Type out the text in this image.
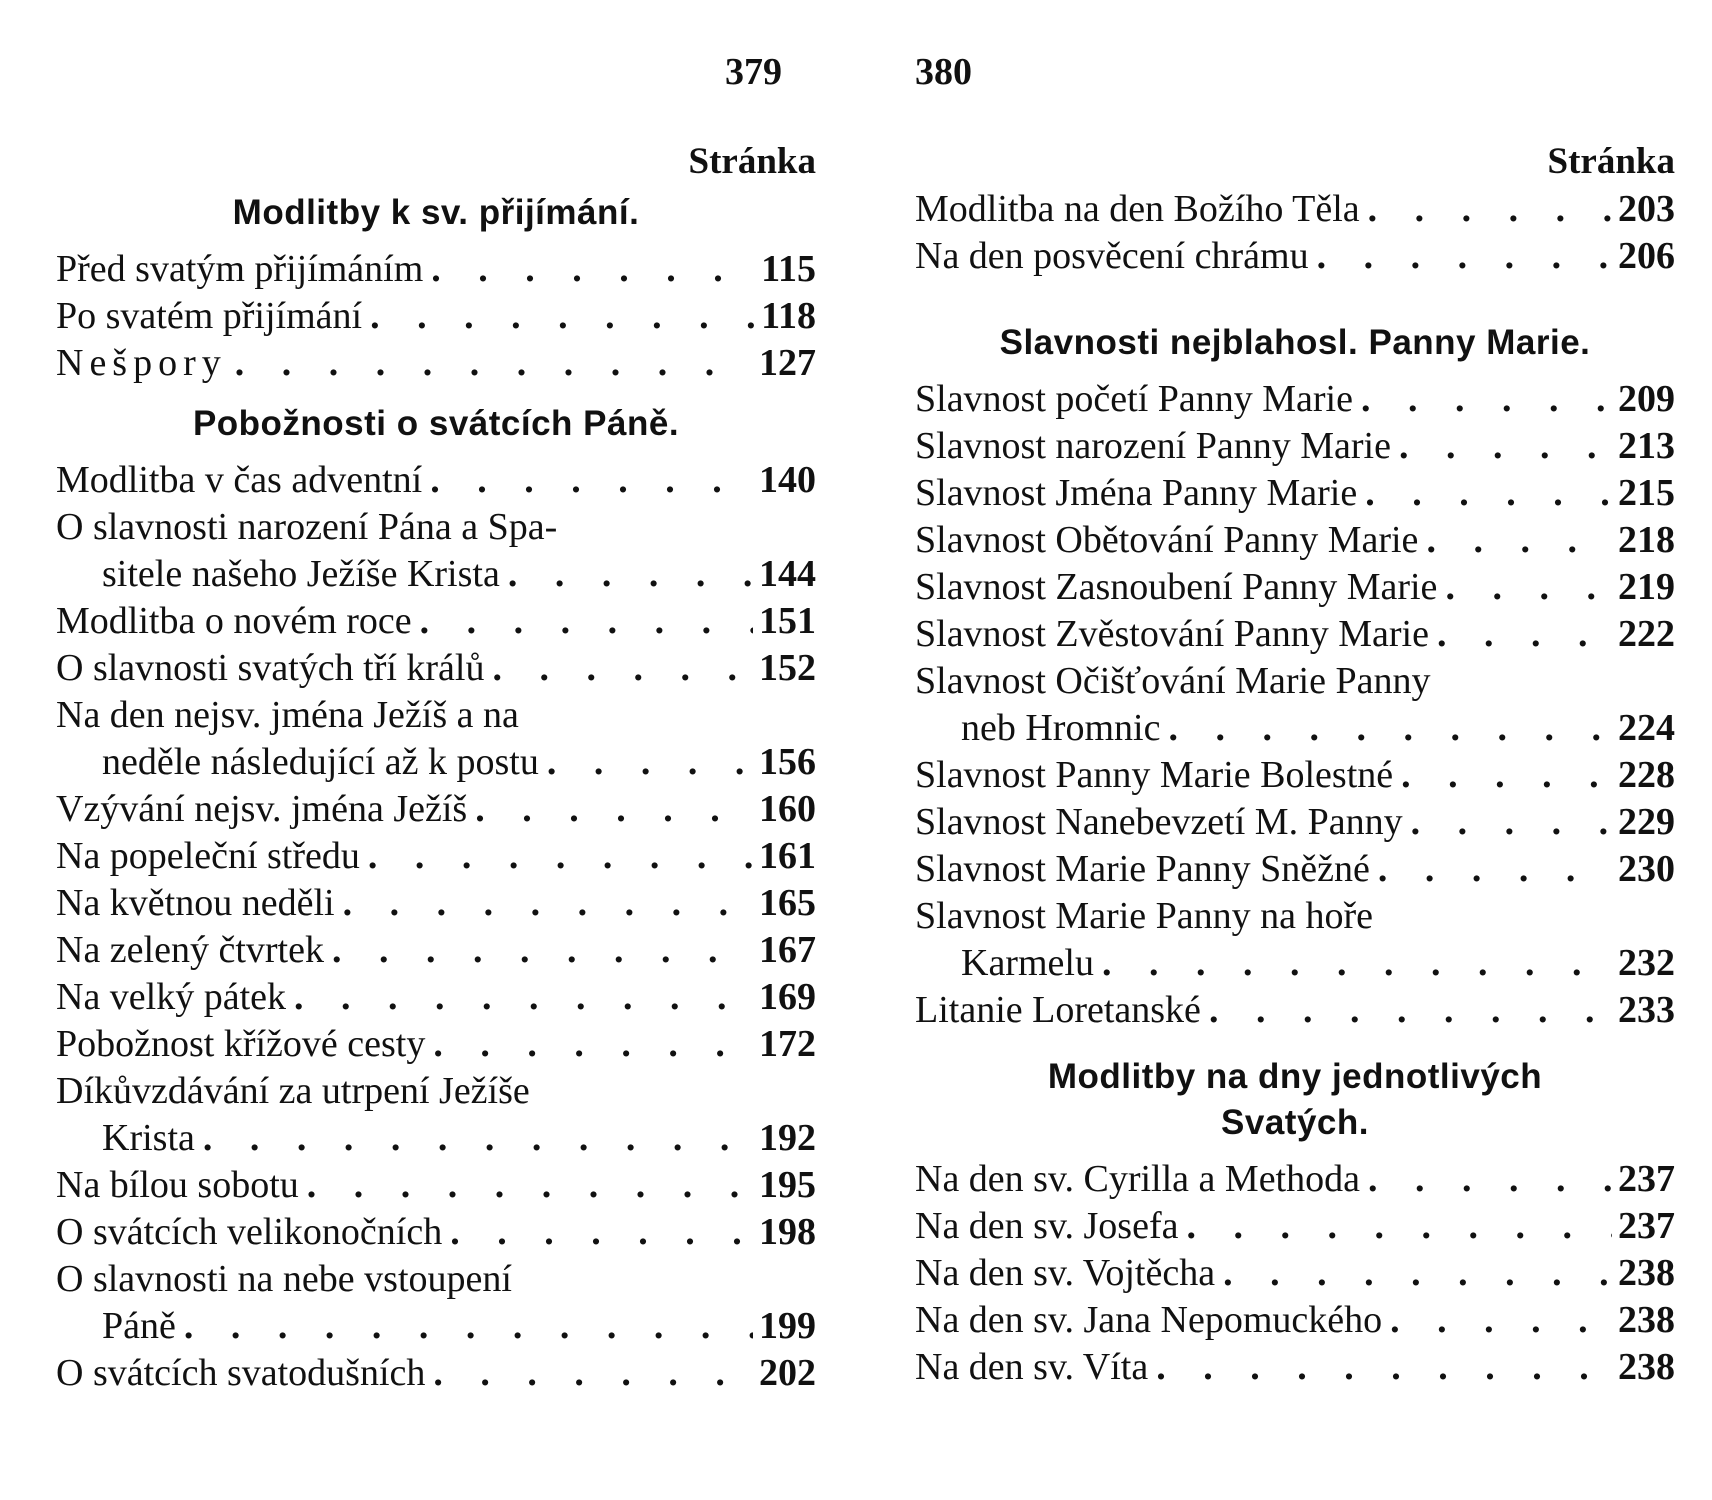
379
Stránka
Modlitby k sv. přijímání.
Před svatým přijímáním . . .	115
Po svatém přijímání . . .	118
Nešpory . . .	127
Pobožnosti o svátcích Páně.
Modlitba v čas adventní . . .	140
O slavnosti narození Pána a Spa-
sitele našeho Ježíše Krista . . .	144
Modlitba o novém roce . . .	151
O slavnosti svatých tří králů . . .	152
Na den nejsv. jména Ježíš a na
neděle následující až k postu . . .	156
Vzývání nejsv. jména Ježíš . . .	160
Na popeleční středu . . .	161
Na květnou neděli . . .	165
Na zelený čtvrtek . . .	167
Na velký pátek . . .	169
Pobožnost křížové cesty . . .	172
Díkůvzdávání za utrpení Ježíše
Krista . . .	192
Na bílou sobotu . . .	195
O svátcích velikonočních . . .	198
O slavnosti na nebe vstoupení
Páně . . .	199
O svátcích svatodušních . . .	202
380
Stránka
Modlitba na den Božího Těla . . .	203
Na den posvěcení chrámu . . .	206
Slavnosti nejblahosl. Panny Marie.
Slavnost početí Panny Marie . . .	209
Slavnost narození Panny Marie . . .	213
Slavnost Jména Panny Marie . . .	215
Slavnost Obětování Panny Marie . . .	218
Slavnost Zasnoubení Panny Marie . . .	219
Slavnost Zvěstování Panny Marie . . .	222
Slavnost Očišťování Marie Panny
neb Hromnic . . .	224
Slavnost Panny Marie Bolestné . . .	228
Slavnost Nanebevzetí M. Panny . . .	229
Slavnost Marie Panny Sněžné . . .	230
Slavnost Marie Panny na hoře
Karmelu . . .	232
Litanie Loretanské . . .	233
Modlitby na dny jednotlivých
Svatých.
Na den sv. Cyrilla a Methoda . . .	237
Na den sv. Josefa . . .	237
Na den sv. Vojtěcha . . .	238
Na den sv. Jana Nepomuckého . . .	238
Na den sv. Víta . . .	238
